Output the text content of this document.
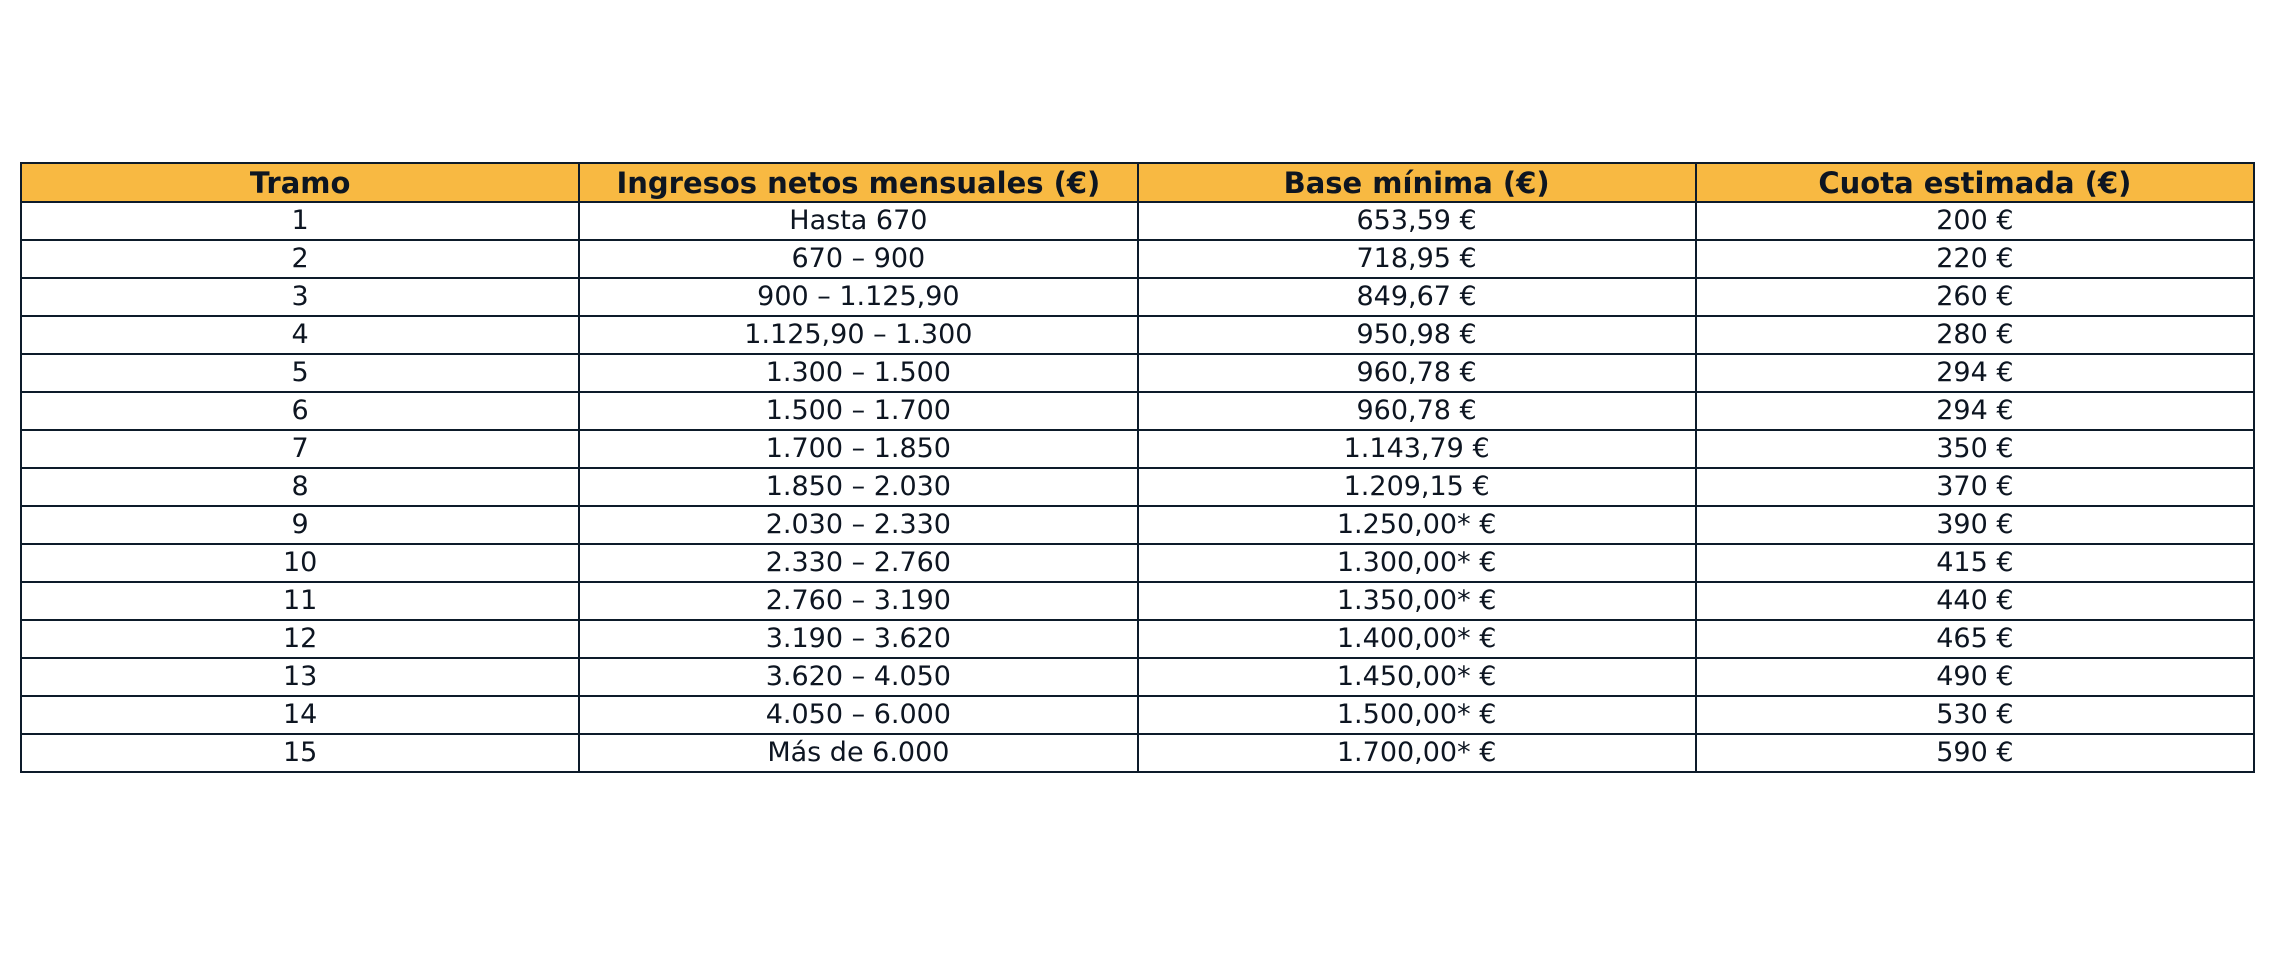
Tramo	Ingresos netos mensuales (€)	Base mínima (€)	Cuota estimada (€)
1	Hasta 670	653,59 €	200 €
2	670 – 900	718,95 €	220 €
3	900 – 1.125,90	849,67 €	260 €
4	1.125,90 – 1.300	950,98 €	280 €
5	1.300 – 1.500	960,78 €	294 €
6	1.500 – 1.700	960,78 €	294 €
7	1.700 – 1.850	1.143,79 €	350 €
8	1.850 – 2.030	1.209,15 €	370 €
9	2.030 – 2.330	1.250,00* €	390 €
10	2.330 – 2.760	1.300,00* €	415 €
11	2.760 – 3.190	1.350,00* €	440 €
12	3.190 – 3.620	1.400,00* €	465 €
13	3.620 – 4.050	1.450,00* €	490 €
14	4.050 – 6.000	1.500,00* €	530 €
15	Más de 6.000	1.700,00* €	590 €
